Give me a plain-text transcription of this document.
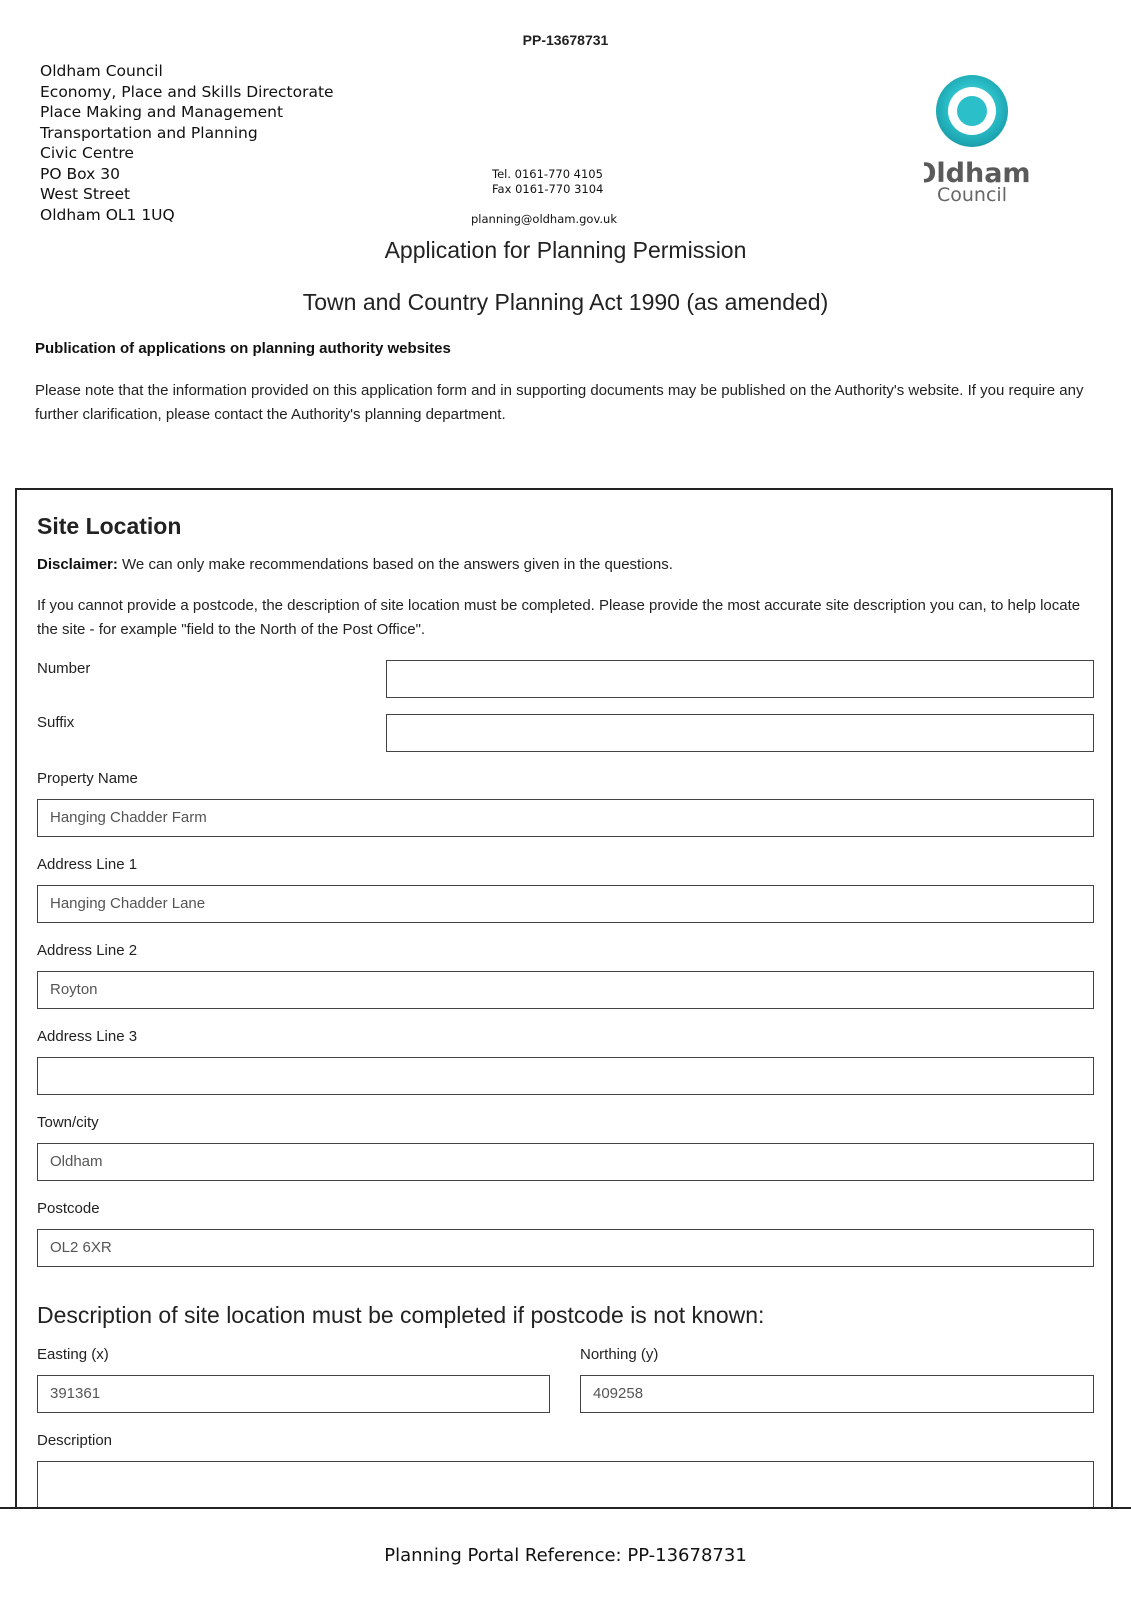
PP-13678731
Oldham Council
Economy, Place and Skills Directorate
Place Making and Management
Transportation and Planning
Civic Centre
PO Box 30
West Street
Oldham OL1 1UQ
Tel. 0161-770 4105
Fax 0161-770 3104
planning@oldham.gov.uk
Oldham
Council
Application for Planning Permission
Town and Country Planning Act 1990 (as amended)
Publication of applications on planning authority websites
Please note that the information provided on this application form and in supporting documents may be published on the Authority's website. If you require any further clarification, please contact the Authority's planning department.
Site Location
Disclaimer: We can only make recommendations based on the answers given in the questions.
If you cannot provide a postcode, the description of site location must be completed. Please provide the most accurate site description you can, to help locate the site - for example "field to the North of the Post Office".
Number
Suffix
Property Name
Hanging Chadder Farm
Address Line 1
Hanging Chadder Lane
Address Line 2
Royton
Address Line 3
Town/city
Oldham
Postcode
OL2 6XR
Description of site location must be completed if postcode is not known:
Easting (x)
391361
Northing (y)
409258
Description
Planning Portal Reference: PP-13678731
